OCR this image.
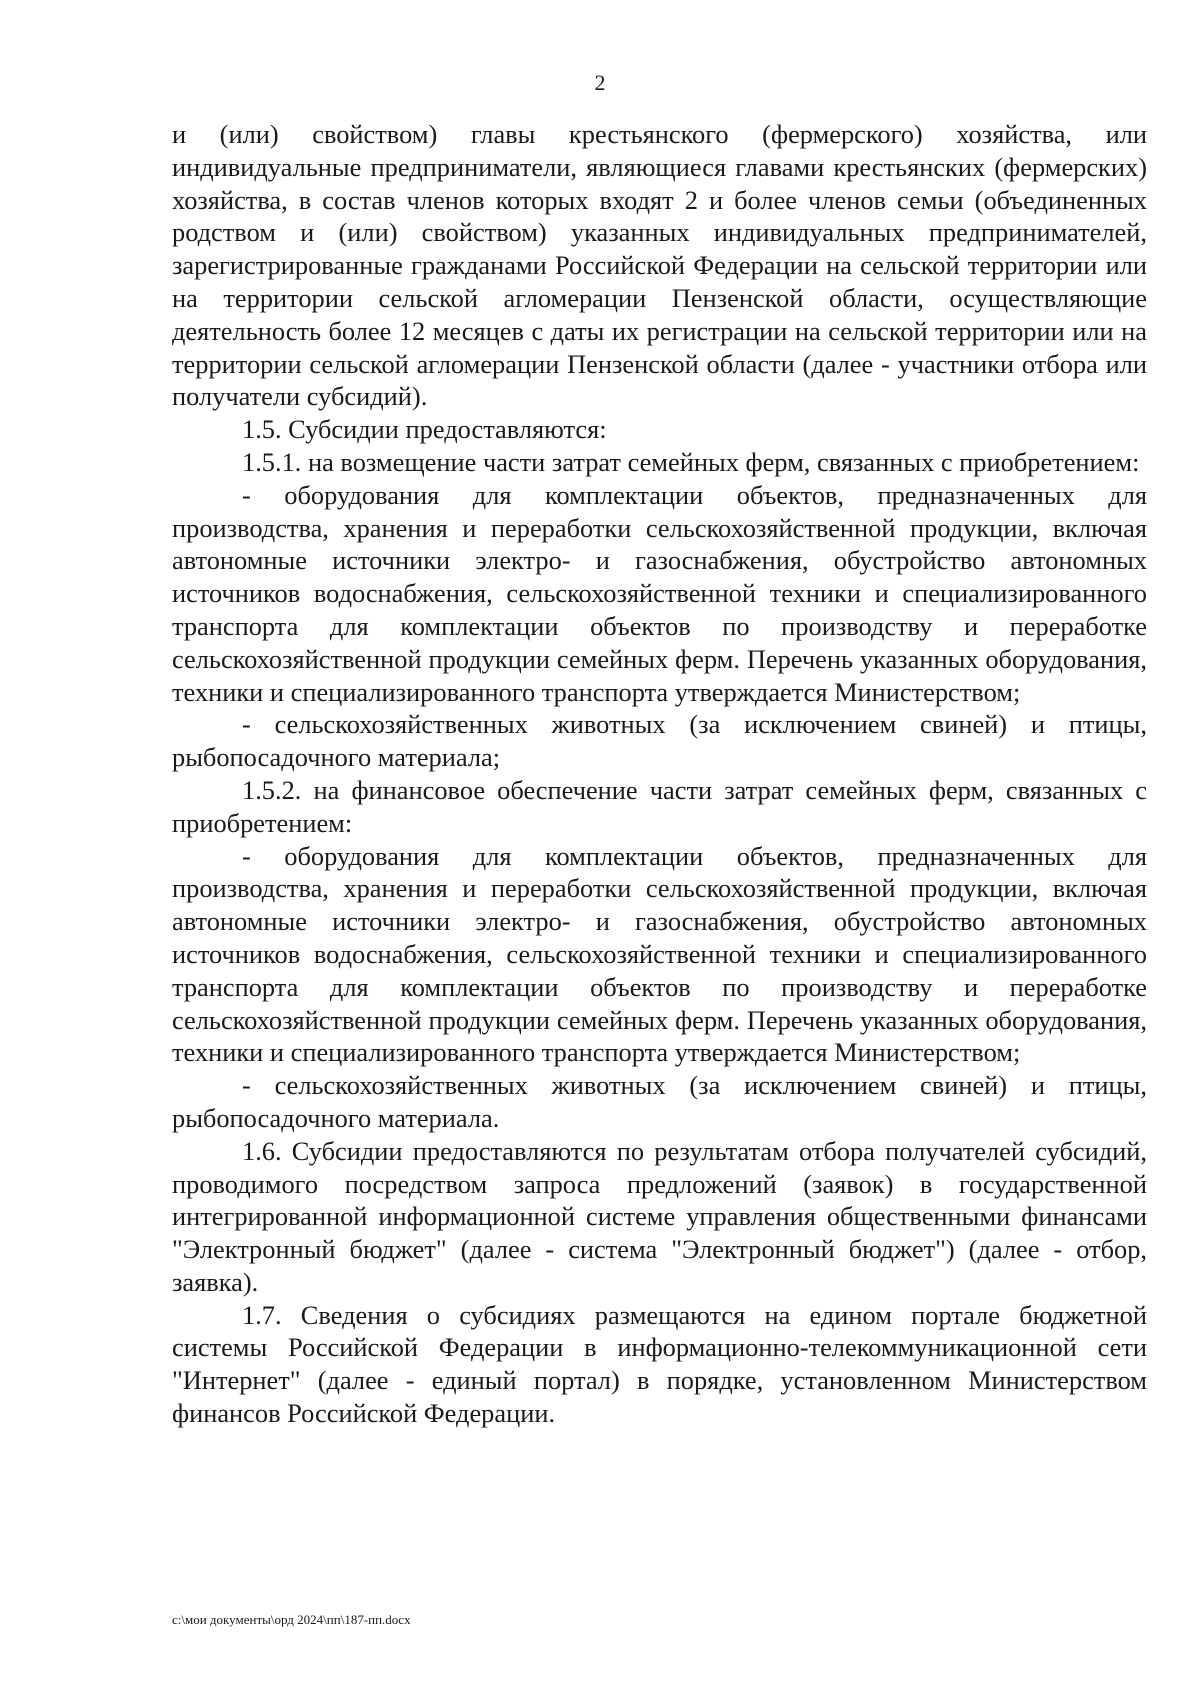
2

и (или) свойством) главы крестьянского (фермерского) хозяйства, или индивидуальные предприниматели, являющиеся главами крестьянских (фермерских) хозяйства, в состав членов которых входят 2 и более членов семьи (объединенных родством и (или) свойством) указанных индивидуальных предпринимателей, зарегистрированные гражданами Российской Федерации на сельской территории или на территории сельской агломерации Пензенской области, осуществляющие деятельность более 12 месяцев с даты их регистрации на сельской территории или на территории сельской агломерации Пензенской области (далее - участники отбора или получатели субсидий).

1.5. Субсидии предоставляются:

1.5.1. на возмещение части затрат семейных ферм, связанных с приобретением:

- оборудования для комплектации объектов, предназначенных для производства, хранения и переработки сельскохозяйственной продукции, включая автономные источники электро- и газоснабжения, обустройство автономных источников водоснабжения, сельскохозяйственной техники и специализированного транспорта для комплектации объектов по производству и переработке сельскохозяйственной продукции семейных ферм. Перечень указанных оборудования, техники и специализированного транспорта утверждается Министерством;

- сельскохозяйственных животных (за исключением свиней) и птицы, рыбопосадочного материала;

1.5.2. на финансовое обеспечение части затрат семейных ферм, связанных с приобретением:

- оборудования для комплектации объектов, предназначенных для производства, хранения и переработки сельскохозяйственной продукции, включая автономные источники электро- и газоснабжения, обустройство автономных источников водоснабжения, сельскохозяйственной техники и специализированного транспорта для комплектации объектов по производству и переработке сельскохозяйственной продукции семейных ферм. Перечень указанных оборудования, техники и специализированного транспорта утверждается Министерством;

- сельскохозяйственных животных (за исключением свиней) и птицы, рыбопосадочного материала.

1.6. Субсидии предоставляются по результатам отбора получателей субсидий, проводимого посредством запроса предложений (заявок) в государственной интегрированной информационной системе управления общественными финансами "Электронный бюджет" (далее - система "Электронный бюджет") (далее - отбор, заявка).

1.7. Сведения о субсидиях размещаются на едином портале бюджетной системы Российской Федерации в информационно-телекоммуникационной сети "Интернет" (далее - единый портал) в порядке, установленном Министерством финансов Российской Федерации.

c:\мои документы\орд 2024\пп\187-пп.docx
